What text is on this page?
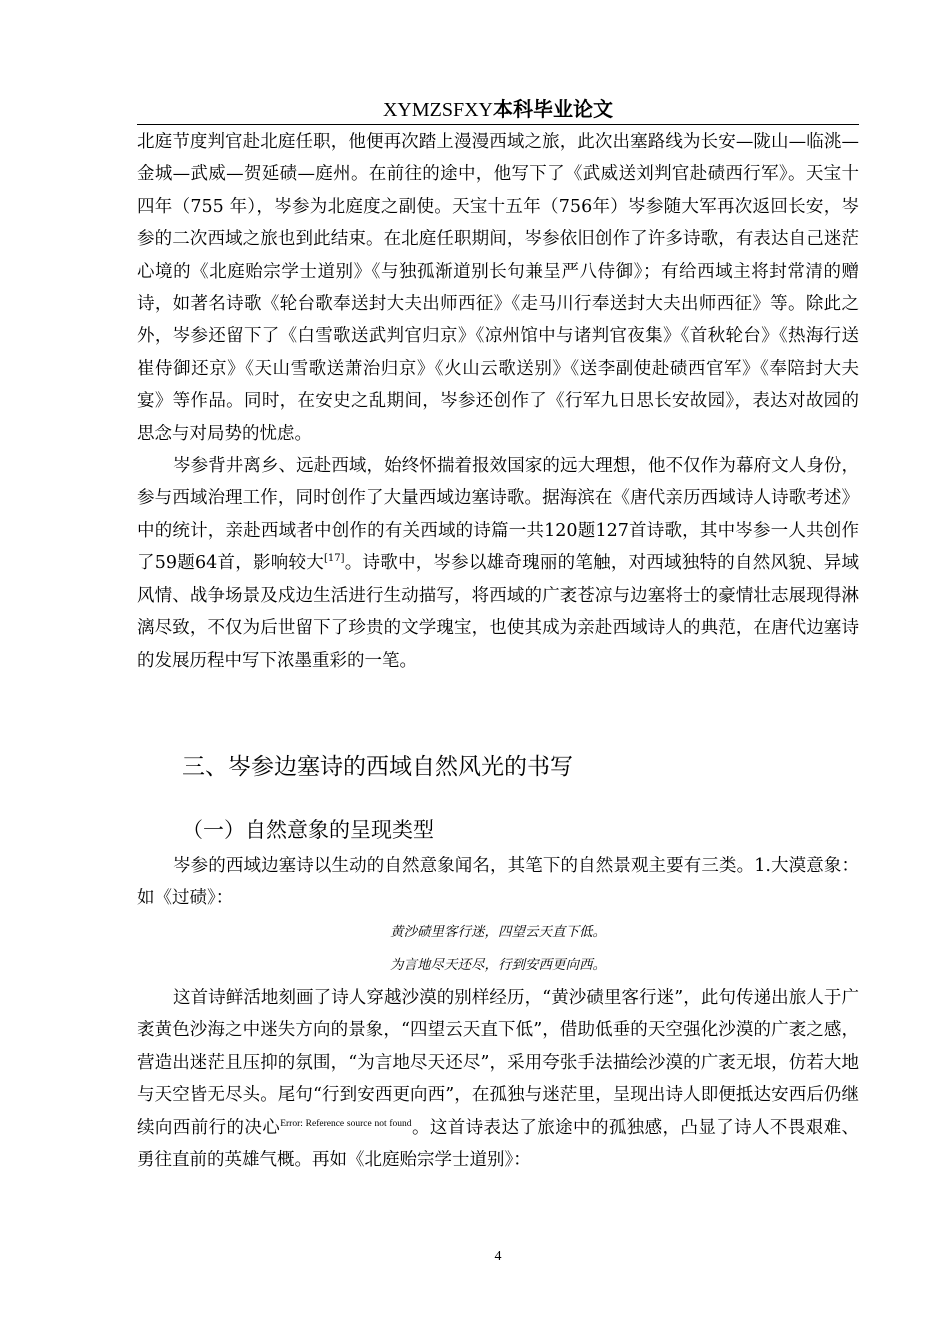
XYMZSFXY本科毕业论文

北庭节度判官赴北庭任职，他便再次踏上漫漫西域之旅，此次出塞路线为长安—陇山—临洮—金城—武威—贺延碛—庭州。在前往的途中，他写下了《武威送刘判官赴碛西行军》。天宝十四年（755 年），岑参为北庭度之副使。天宝十五年（756年）岑参随大军再次返回长安，岑参的二次西域之旅也到此结束。在北庭任职期间，岑参依旧创作了许多诗歌，有表达自己迷茫心境的《北庭贻宗学士道别》《与独孤渐道别长句兼呈严八侍御》；有给西域主将封常清的赠诗，如著名诗歌《轮台歌奉送封大夫出师西征》《走马川行奉送封大夫出师西征》等。除此之外，岑参还留下了《白雪歌送武判官归京》《凉州馆中与诸判官夜集》《首秋轮台》《热海行送崔侍御还京》《天山雪歌送萧治归京》《火山云歌送别》《送李副使赴碛西官军》《奉陪封大夫宴》等作品。同时，在安史之乱期间，岑参还创作了《行军九日思长安故园》，表达对故园的思念与对局势的忧虑。

岑参背井离乡、远赴西域，始终怀揣着报效国家的远大理想，他不仅作为幕府文人身份，参与西域治理工作，同时创作了大量西域边塞诗歌。据海滨在《唐代亲历西域诗人诗歌考述》中的统计，亲赴西域者中创作的有关西域的诗篇一共120题127首诗歌，其中岑参一人共创作了59题64首，影响较大[17]。诗歌中，岑参以雄奇瑰丽的笔触，对西域独特的自然风貌、异域风情、战争场景及戍边生活进行生动描写，将西域的广袤苍凉与边塞将士的豪情壮志展现得淋漓尽致，不仅为后世留下了珍贵的文学瑰宝，也使其成为亲赴西域诗人的典范，在唐代边塞诗的发展历程中写下浓墨重彩的一笔。

三、岑参边塞诗的西域自然风光的书写
（一）自然意象的呈现类型

岑参的西域边塞诗以生动的自然意象闻名，其笔下的自然景观主要有三类。1.大漠意象：如《过碛》：

黄沙碛里客行迷，四望云天直下低。
为言地尽天还尽，行到安西更向西。

这首诗鲜活地刻画了诗人穿越沙漠的别样经历，“黄沙碛里客行迷”，此句传递出旅人于广袤黄色沙海之中迷失方向的景象，“四望云天直下低”，借助低垂的天空强化沙漠的广袤之感，营造出迷茫且压抑的氛围，“为言地尽天还尽”，采用夸张手法描绘沙漠的广袤无垠，仿若大地与天空皆无尽头。尾句“行到安西更向西”，在孤独与迷茫里，呈现出诗人即便抵达安西后仍继续向西前行的决心$^{Error: Reference source not found}$。这首诗表达了旅途中的孤独感，凸显了诗人不畏艰难、勇往直前的英雄气概。再如《北庭贻宗学士道别》：

4
